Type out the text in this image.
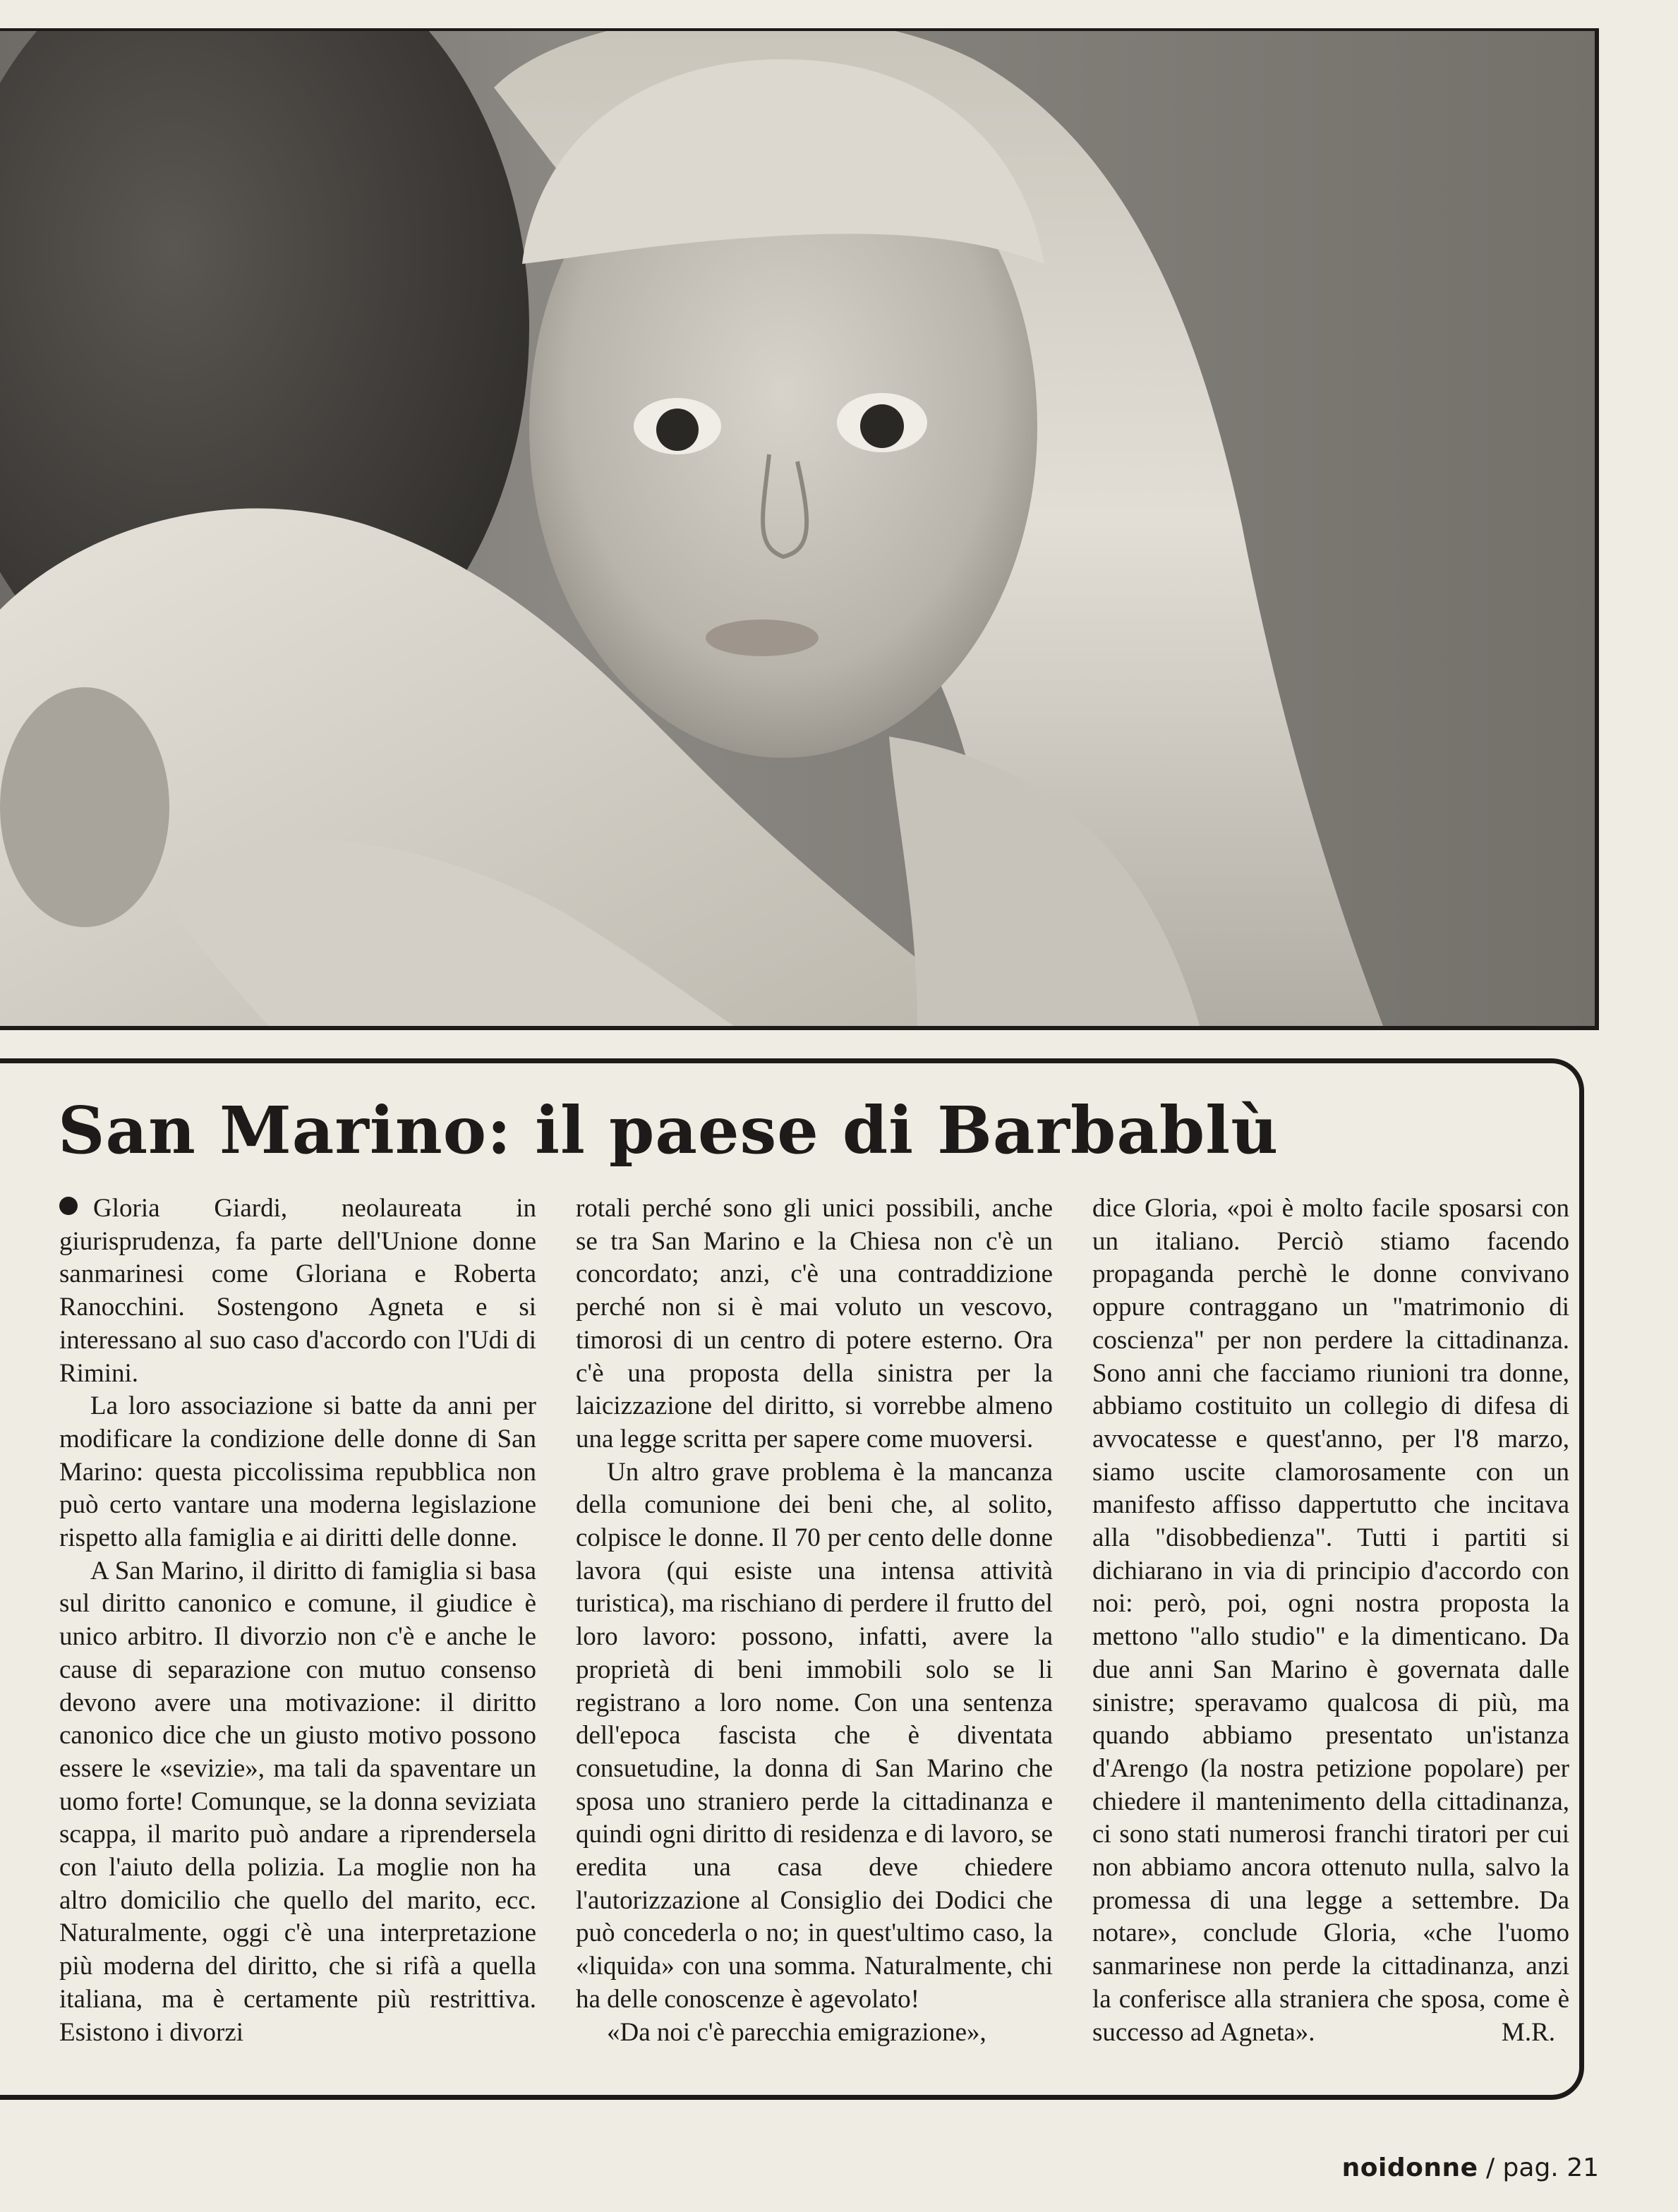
San Marino: il paese di Barbablù

Gloria Giardi, neolaureata in giurisprudenza, fa parte dell'Unione donne sanmarinesi come Gloriana e Roberta Ranocchini. Sostengono Agneta e si interessano al suo caso d'accordo con l'Udi di Rimini.

La loro associazione si batte da anni per modificare la condizione delle donne di San Marino: questa piccolissima repubblica non può certo vantare una moderna legislazione rispetto alla famiglia e ai diritti delle donne.

A San Marino, il diritto di famiglia si basa sul diritto canonico e comune, il giudice è unico arbitro. Il divorzio non c'è e anche le cause di separazione con mutuo consenso devono avere una motivazione: il diritto canonico dice che un giusto motivo possono essere le «sevizie», ma tali da spaventare un uomo forte! Comunque, se la donna seviziata scappa, il marito può andare a riprendersela con l'aiuto della polizia. La moglie non ha altro domicilio che quello del marito, ecc. Naturalmente, oggi c'è una interpretazione più moderna del diritto, che si rifà a quella italiana, ma è certamente più restrittiva. Esistono i divorzi

rotali perché sono gli unici possibili, anche se tra San Marino e la Chiesa non c'è un concordato; anzi, c'è una contraddizione perché non si è mai voluto un vescovo, timorosi di un centro di potere esterno. Ora c'è una proposta della sinistra per la laicizzazione del diritto, si vorrebbe almeno una legge scritta per sapere come muoversi.

Un altro grave problema è la mancanza della comunione dei beni che, al solito, colpisce le donne. Il 70 per cento delle donne lavora (qui esiste una intensa attività turistica), ma rischiano di perdere il frutto del loro lavoro: possono, infatti, avere la proprietà di beni immobili solo se li registrano a loro nome. Con una sentenza dell'epoca fascista che è diventata consuetudine, la donna di San Marino che sposa uno straniero perde la cittadinanza e quindi ogni diritto di residenza e di lavoro, se eredita una casa deve chiedere l'autorizzazione al Consiglio dei Dodici che può concederla o no; in quest'ultimo caso, la «liquida» con una somma. Naturalmente, chi ha delle conoscenze è agevolato!

«Da noi c'è parecchia emigrazione»,

dice Gloria, «poi è molto facile sposarsi con un italiano. Perciò stiamo facendo propaganda perchè le donne convivano oppure contraggano un "matrimonio di coscienza" per non perdere la cittadinanza. Sono anni che facciamo riunioni tra donne, abbiamo costituito un collegio di difesa di avvocatesse e quest'anno, per l'8 marzo, siamo uscite clamorosamente con un manifesto affisso dappertutto che incitava alla "disobbedienza". Tutti i partiti si dichiarano in via di principio d'accordo con noi: però, poi, ogni nostra proposta la mettono "allo studio" e la dimenticano. Da due anni San Marino è governata dalle sinistre; speravamo qualcosa di più, ma quando abbiamo presentato un'istanza d'Arengo (la nostra petizione popolare) per chiedere il mantenimento della cittadinanza, ci sono stati numerosi franchi tiratori per cui non abbiamo ancora ottenuto nulla, salvo la promessa di una legge a settembre. Da notare», conclude Gloria, «che l'uomo sanmarinese non perde la cittadinanza, anzi la conferisce alla straniera che sposa, come è successo ad Agneta».	M.R.

noidonne / pag. 21
